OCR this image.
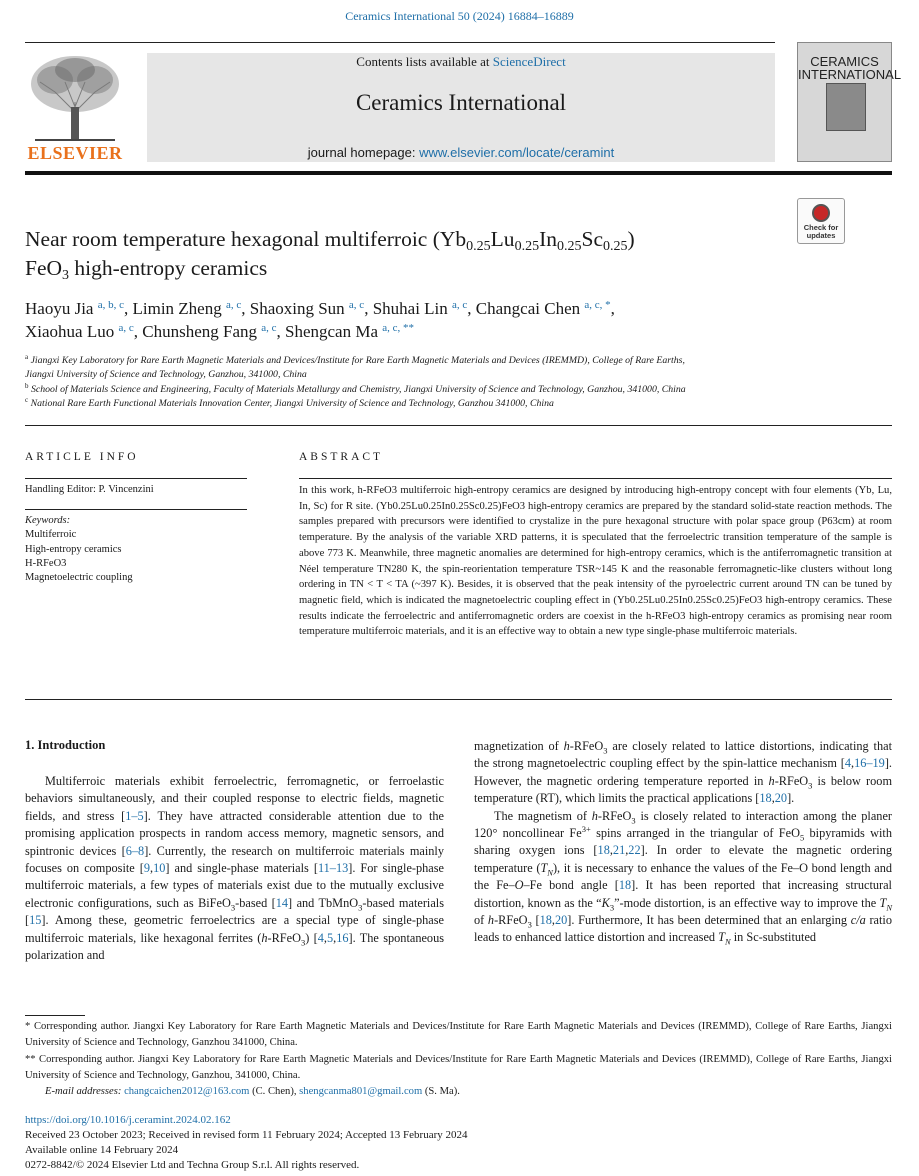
Ceramics International 50 (2024) 16884–16889
ELSEVIER
Contents lists available at ScienceDirect
Ceramics International
journal homepage: www.elsevier.com/locate/ceramint
CERAMICS
INTERNATIONAL
Check for updates
Near room temperature hexagonal multiferroic $(Yb_{0.25}Lu_{0.25}In_{0.25}Sc_{0.25})$
FeO$_3$ high-entropy ceramics
Haoyu Jia $^{a, b, c}$, Limin Zheng $^{a, c}$, Shaoxing Sun $^{a, c}$, Shuhai Lin $^{a, c}$, Changcai Chen $^{a, c, *}$,
Xiaohua Luo $^{a, c}$, Chunsheng Fang $^{a, c}$, Shengcan Ma $^{a, c, **}$
$^a$ Jiangxi Key Laboratory for Rare Earth Magnetic Materials and Devices/Institute for Rare Earth Magnetic Materials and Devices (IREMMD), College of Rare Earths,
Jiangxi University of Science and Technology, Ganzhou, 341000, China
$^b$ School of Materials Science and Engineering, Faculty of Materials Metallurgy and Chemistry, Jiangxi University of Science and Technology, Ganzhou, 341000, China
$^c$ National Rare Earth Functional Materials Innovation Center, Jiangxi University of Science and Technology, Ganzhou 341000, China
ARTICLE INFO
Handling Editor: P. Vincenzini
Keywords:
Multiferroic
High-entropy ceramics
H-RFeO3
Magnetoelectric coupling
ABSTRACT
In this work, h-RFeO3 multiferroic high-entropy ceramics are designed by introducing high-entropy concept with four elements (Yb, Lu, In, Sc) for R site. (Yb0.25Lu0.25In0.25Sc0.25)FeO3 high-entropy ceramics are prepared by the standard solid-state reaction methods. The samples prepared with precursors were identified to crystalize in the pure hexagonal structure with polar space group (P63cm) at room temperature. By the analysis of the variable XRD patterns, it is speculated that the ferroelectric transition temperature of the sample is above 773 K. Meanwhile, three magnetic anomalies are determined for high-entropy ceramics, which is the antiferromagnetic transition at Néel temperature TN280 K, the spin-reorientation temperature TSR~145 K and the reasonable ferromagnetic-like clusters without long ordering in TN < T < TA (~397 K). Besides, it is observed that the peak intensity of the pyroelectric current around TN can be tuned by magnetic field, which is indicated the magnetoelectric coupling effect in (Yb0.25Lu0.25In0.25Sc0.25)FeO3 high-entropy ceramics. These results indicate the ferroelectric and antiferromagnetic orders are coexist in the h-RFeO3 high-entropy ceramics as promising near room temperature multiferroic materials, and it is an effective way to obtain a new type single-phase multiferroic materials.
1. Introduction

Multiferroic materials exhibit ferroelectric, ferromagnetic, or ferroelastic behaviors simultaneously, and their coupled response to electric fields, magnetic fields, and stress [1–5]. They have attracted considerable attention due to the promising application prospects in random access memory, magnetic sensors, and spintronic devices [6–8]. Currently, the research on multiferroic materials mainly focuses on composite [9,10] and single-phase materials [11–13]. For single-phase multiferroic materials, a few types of materials exist due to the mutually exclusive electronic configurations, such as BiFeO$_3$-based [14] and TbMnO$_3$-based materials [15]. Among these, geometric ferroelectrics are a special type of single-phase multiferroic materials, like hexagonal ferrites (h-RFeO$_3$) [4,5,16]. The spontaneous polarization and

magnetization of h-RFeO$_3$ are closely related to lattice distortions, indicating that the strong magnetoelectric coupling effect by the spin-lattice mechanism [4,16–19]. However, the magnetic ordering temperature reported in h-RFeO$_3$ is below room temperature (RT), which limits the practical applications [18,20].

The magnetism of h-RFeO$_3$ is closely related to interaction among the planer 120° noncollinear $Fe^{3+}$ spins arranged in the triangular of FeO$_5$ bipyramids with sharing oxygen ions [18,21,22]. In order to elevate the magnetic ordering temperature $(T_N)$, it is necessary to enhance the values of the Fe–O bond length and the Fe–O–Fe bond angle [18]. It has been reported that increasing structural distortion, known as the “$K_3$”-mode distortion, is an effective way to improve the $T_N$ of h-RFeO$_3$ [18,20]. Furthermore, It has been determined that an enlarging c/a ratio leads to enhanced lattice distortion and increased $T_N$ in Sc-substituted

* Corresponding author. Jiangxi Key Laboratory for Rare Earth Magnetic Materials and Devices/Institute for Rare Earth Magnetic Materials and Devices (IREMMD), College of Rare Earths, Jiangxi University of Science and Technology, Ganzhou 341000, China.
** Corresponding author. Jiangxi Key Laboratory for Rare Earth Magnetic Materials and Devices/Institute for Rare Earth Magnetic Materials and Devices (IREMMD), College of Rare Earths, Jiangxi University of Science and Technology, Ganzhou, 341000, China.
E-mail addresses: changcaichen2012@163.com (C. Chen), shengcanma801@gmail.com (S. Ma).
https://doi.org/10.1016/j.ceramint.2024.02.162
Received 23 October 2023; Received in revised form 11 February 2024; Accepted 13 February 2024
Available online 14 February 2024
0272-8842/© 2024 Elsevier Ltd and Techna Group S.r.l. All rights reserved.
